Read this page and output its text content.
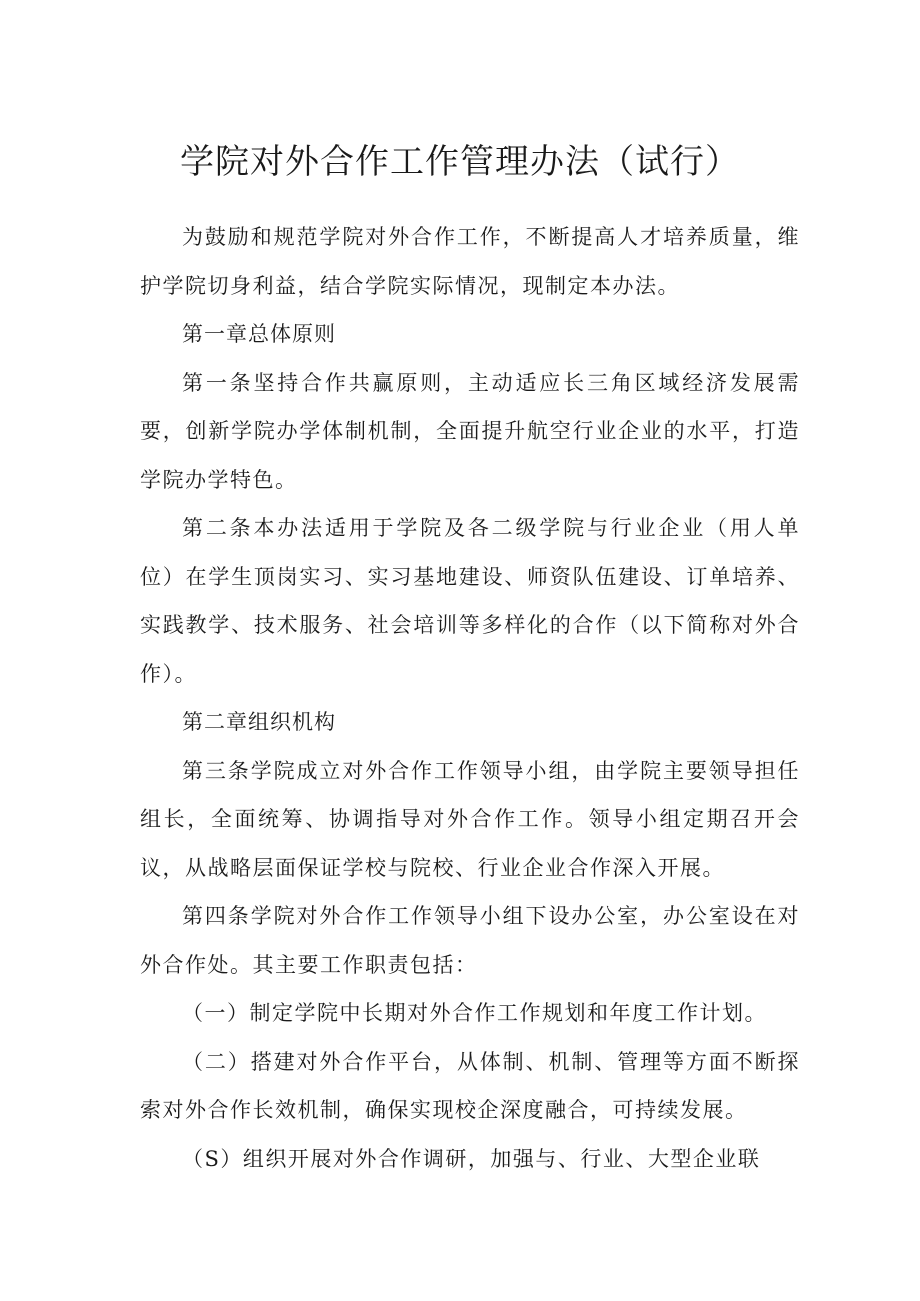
学院对外合作工作管理办法（试行）

为鼓励和规范学院对外合作工作，不断提高人才培养质量，维护学院切身利益，结合学院实际情况，现制定本办法。

第一章总体原则

第一条坚持合作共赢原则，主动适应长三角区域经济发展需要，创新学院办学体制机制，全面提升航空行业企业的水平，打造学院办学特色。

第二条本办法适用于学院及各二级学院与行业企业（用人单位）在学生顶岗实习、实习基地建设、师资队伍建设、订单培养、实践教学、技术服务、社会培训等多样化的合作（以下简称对外合作）。

第二章组织机构

第三条学院成立对外合作工作领导小组，由学院主要领导担任组长，全面统筹、协调指导对外合作工作。领导小组定期召开会议，从战略层面保证学校与院校、行业企业合作深入开展。

第四条学院对外合作工作领导小组下设办公室，办公室设在对外合作处。其主要工作职责包括：

（一）制定学院中长期对外合作工作规划和年度工作计划。

（二）搭建对外合作平台，从体制、机制、管理等方面不断探索对外合作长效机制，确保实现校企深度融合，可持续发展。

（S）组织开展对外合作调研，加强与、行业、大型企业联
